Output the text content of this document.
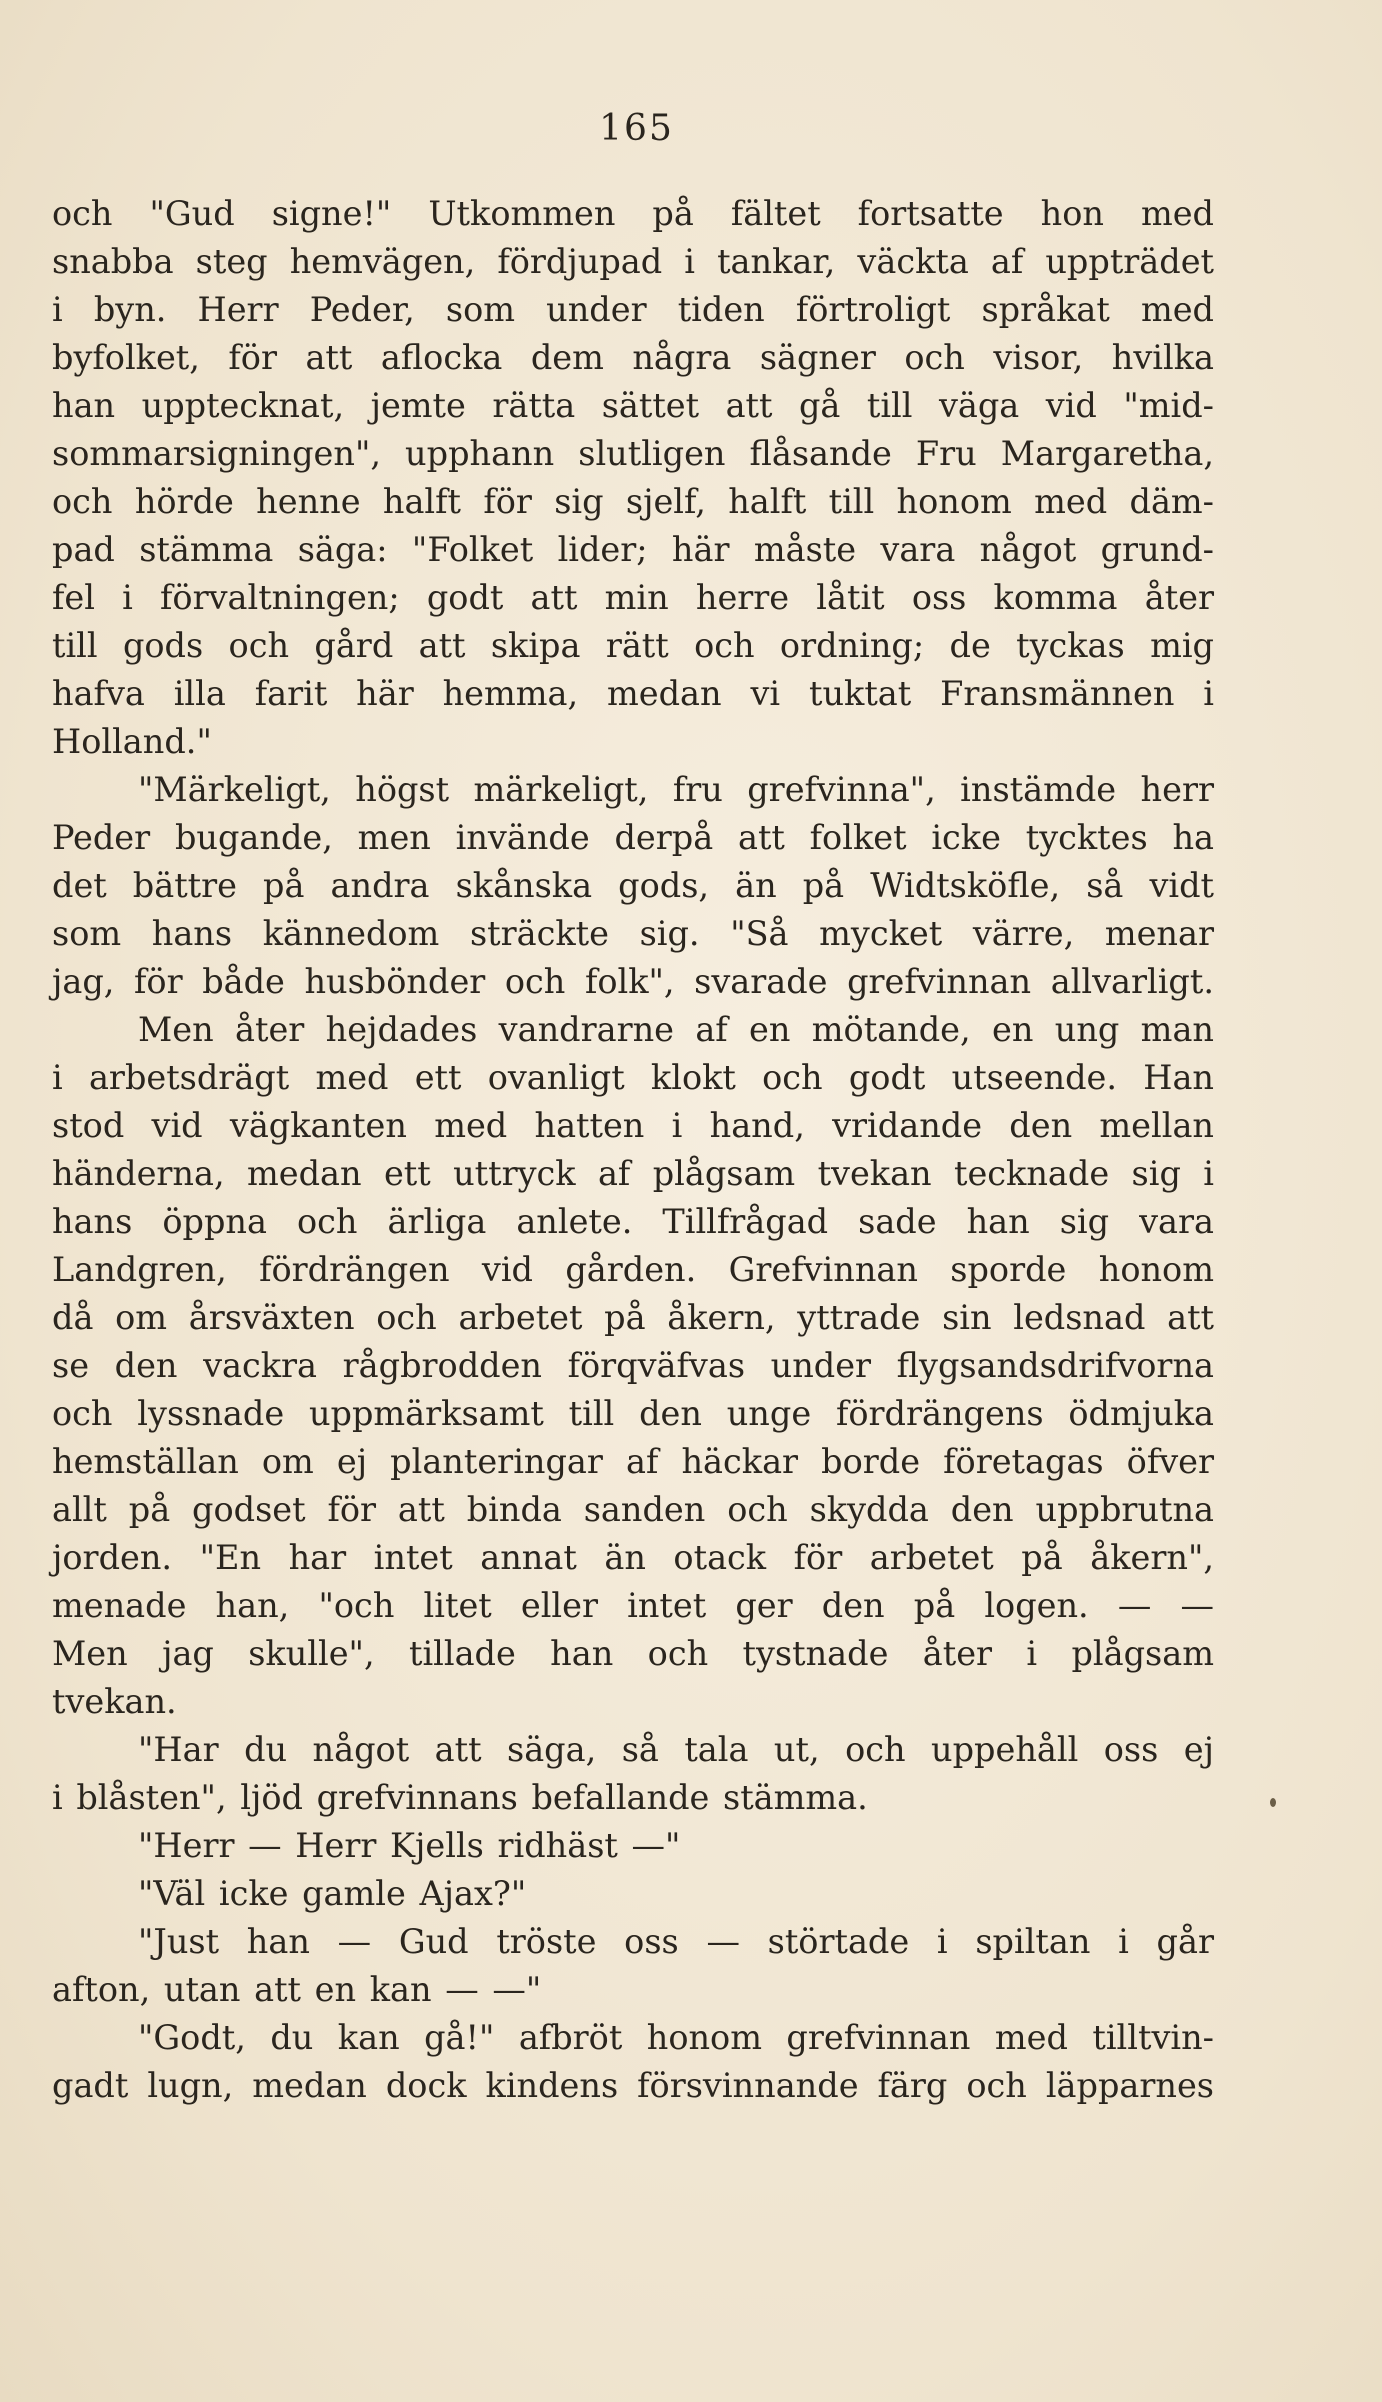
165
och "Gud signe!" Utkommen på fältet fortsatte hon med
snabba steg hemvägen, fördjupad i tankar, väckta af uppträdet
i byn. Herr Peder, som under tiden förtroligt språkat med
byfolket, för att aflocka dem några sägner och visor, hvilka
han upptecknat, jemte rätta sättet att gå till väga vid "mid-
sommarsigningen", upphann slutligen flåsande Fru Margaretha,
och hörde henne halft för sig sjelf, halft till honom med däm-
pad stämma säga: "Folket lider; här måste vara något grund-
fel i förvaltningen; godt att min herre låtit oss komma åter
till gods och gård att skipa rätt och ordning; de tyckas mig
hafva illa farit här hemma, medan vi tuktat Fransmännen i
Holland."
"Märkeligt, högst märkeligt, fru grefvinna", instämde herr
Peder bugande, men invände derpå att folket icke tycktes ha
det bättre på andra skånska gods, än på Widtsköfle, så vidt
som hans kännedom sträckte sig. "Så mycket värre, menar
jag, för både husbönder och folk", svarade grefvinnan allvarligt.
Men åter hejdades vandrarne af en mötande, en ung man
i arbetsdrägt med ett ovanligt klokt och godt utseende. Han
stod vid vägkanten med hatten i hand, vridande den mellan
händerna, medan ett uttryck af plågsam tvekan tecknade sig i
hans öppna och ärliga anlete. Tillfrågad sade han sig vara
Landgren, fördrängen vid gården. Grefvinnan sporde honom
då om årsväxten och arbetet på åkern, yttrade sin ledsnad att
se den vackra rågbrodden förqväfvas under flygsandsdrifvorna
och lyssnade uppmärksamt till den unge fördrängens ödmjuka
hemställan om ej planteringar af häckar borde företagas öfver
allt på godset för att binda sanden och skydda den uppbrutna
jorden. "En har intet annat än otack för arbetet på åkern",
menade han, "och litet eller intet ger den på logen. — —
Men jag skulle", tillade han och tystnade åter i plågsam
tvekan.
"Har du något att säga, så tala ut, och uppehåll oss ej
i blåsten", ljöd grefvinnans befallande stämma.
"Herr — Herr Kjells ridhäst —"
"Väl icke gamle Ajax?"
"Just han — Gud tröste oss — störtade i spiltan i går
afton, utan att en kan — —"
"Godt, du kan gå!" afbröt honom grefvinnan med tilltvin-
gadt lugn, medan dock kindens försvinnande färg och läpparnes
